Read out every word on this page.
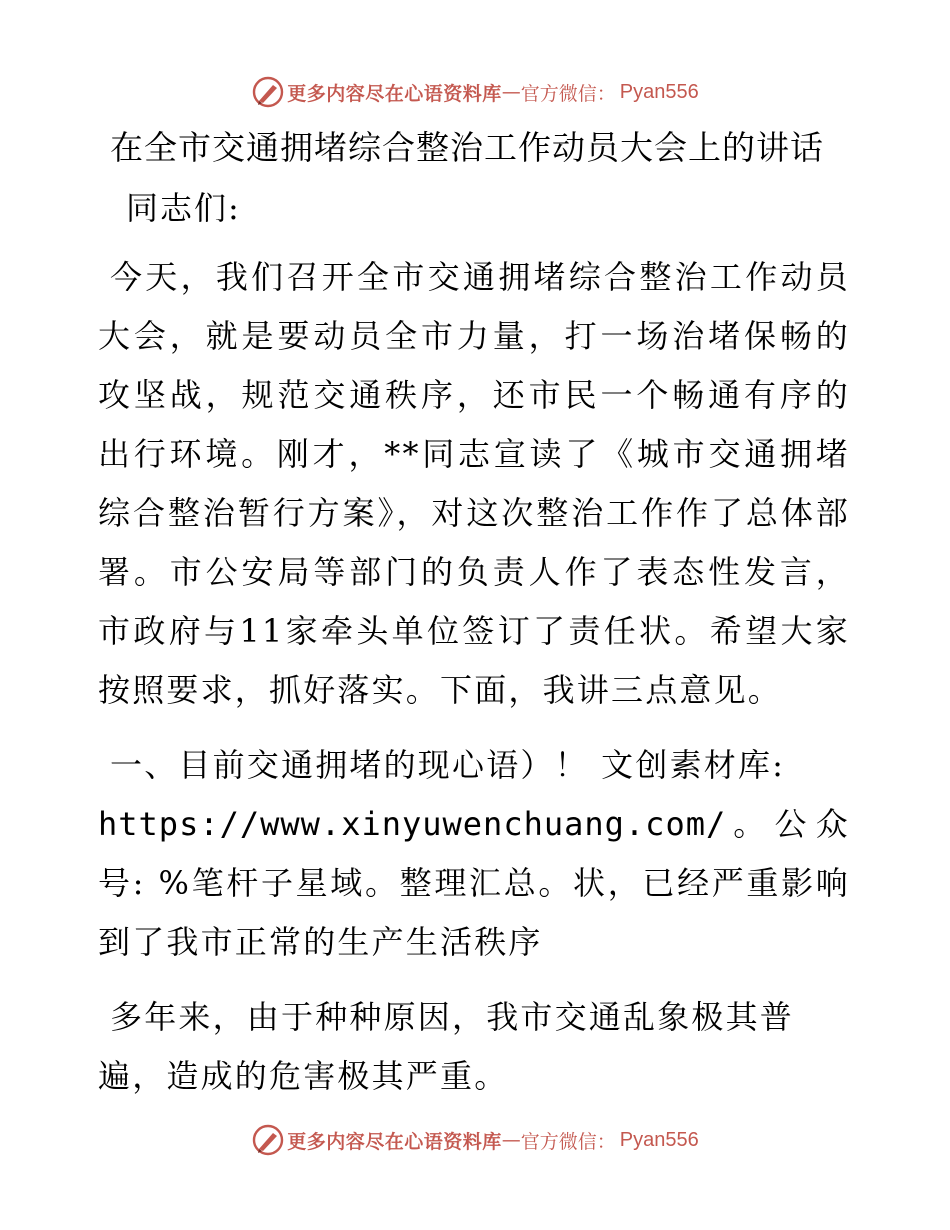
更多内容尽在心语资料库 — 官方微信： Pyan556
在全市交通拥堵综合整治工作动员大会上的讲话
同志们:
今天，我们召开全市交通拥堵综合整治工作动员大会，就是要动员全市力量，打一场治堵保畅的攻坚战，规范交通秩序，还市民一个畅通有序的出行环境。刚才，**同志宣读了《城市交通拥堵综合整治暂行方案》，对这次整治工作作了总体部署。市公安局等部门的负责人作了表态性发言，市政府与11家牵头单位签订了责任状。希望大家按照要求，抓好落实。下面，我讲三点意见。
一、目前交通拥堵的现心语）！ 文创素材库:
https://www.xinyuwenchuang.com/。公众号: %笔杆子星域。整理汇总。状，已经严重影响到了我市正常的生产生活秩序
多年来，由于种种原因，我市交通乱象极其普
遍，造成的危害极其严重。
更多内容尽在心语资料库 — 官方微信： Pyan556
